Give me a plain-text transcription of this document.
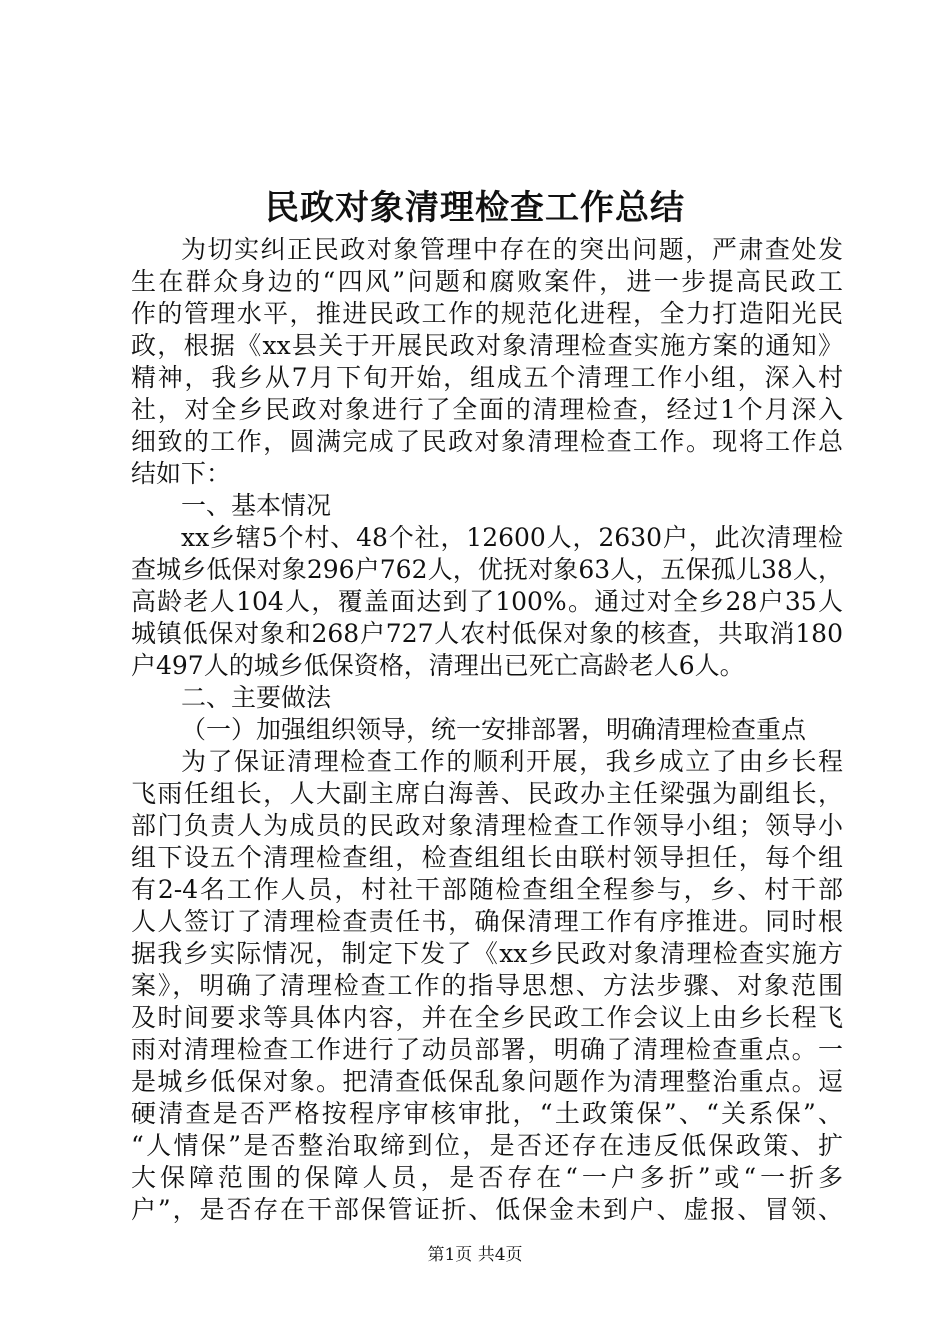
民政对象清理检查工作总结
为切实纠正民政对象管理中存在的突出问题，严肃查处发
生在群众身边的“四风”问题和腐败案件，进一步提高民政工
作的管理水平，推进民政工作的规范化进程，全力打造阳光民
政，根据《xx县关于开展民政对象清理检查实施方案的通知》
精神，我乡从7月下旬开始，组成五个清理工作小组，深入村
社，对全乡民政对象进行了全面的清理检查，经过1个月深入
细致的工作，圆满完成了民政对象清理检查工作。现将工作总
结如下：
一、基本情况
xx乡辖5个村、48个社，12600人，2630户，此次清理检
查城乡低保对象296户762人，优抚对象63人，五保孤儿38人，
高龄老人104人，覆盖面达到了100%。通过对全乡28户35人
城镇低保对象和268户727人农村低保对象的核查，共取消180
户497人的城乡低保资格，清理出已死亡高龄老人6人。
二、主要做法
（一）加强组织领导，统一安排部署，明确清理检查重点
为了保证清理检查工作的顺利开展，我乡成立了由乡长程
飞雨任组长，人大副主席白海善、民政办主任梁强为副组长，
部门负责人为成员的民政对象清理检查工作领导小组；领导小
组下设五个清理检查组，检查组组长由联村领导担任，每个组
有2-4名工作人员，村社干部随检查组全程参与，乡、村干部
人人签订了清理检查责任书，确保清理工作有序推进。同时根
据我乡实际情况，制定下发了《xx乡民政对象清理检查实施方
案》，明确了清理检查工作的指导思想、方法步骤、对象范围
及时间要求等具体内容，并在全乡民政工作会议上由乡长程飞
雨对清理检查工作进行了动员部署，明确了清理检查重点。一
是城乡低保对象。把清查低保乱象问题作为清理整治重点。逗
硬清查是否严格按程序审核审批，“土政策保”、“关系保”、
“人情保”是否整治取缔到位，是否还存在违反低保政策、扩
大保障范围的保障人员，是否存在“一户多折”或“一折多
户”，是否存在干部保管证折、低保金未到户、虚报、冒领、
第1页 共4页
